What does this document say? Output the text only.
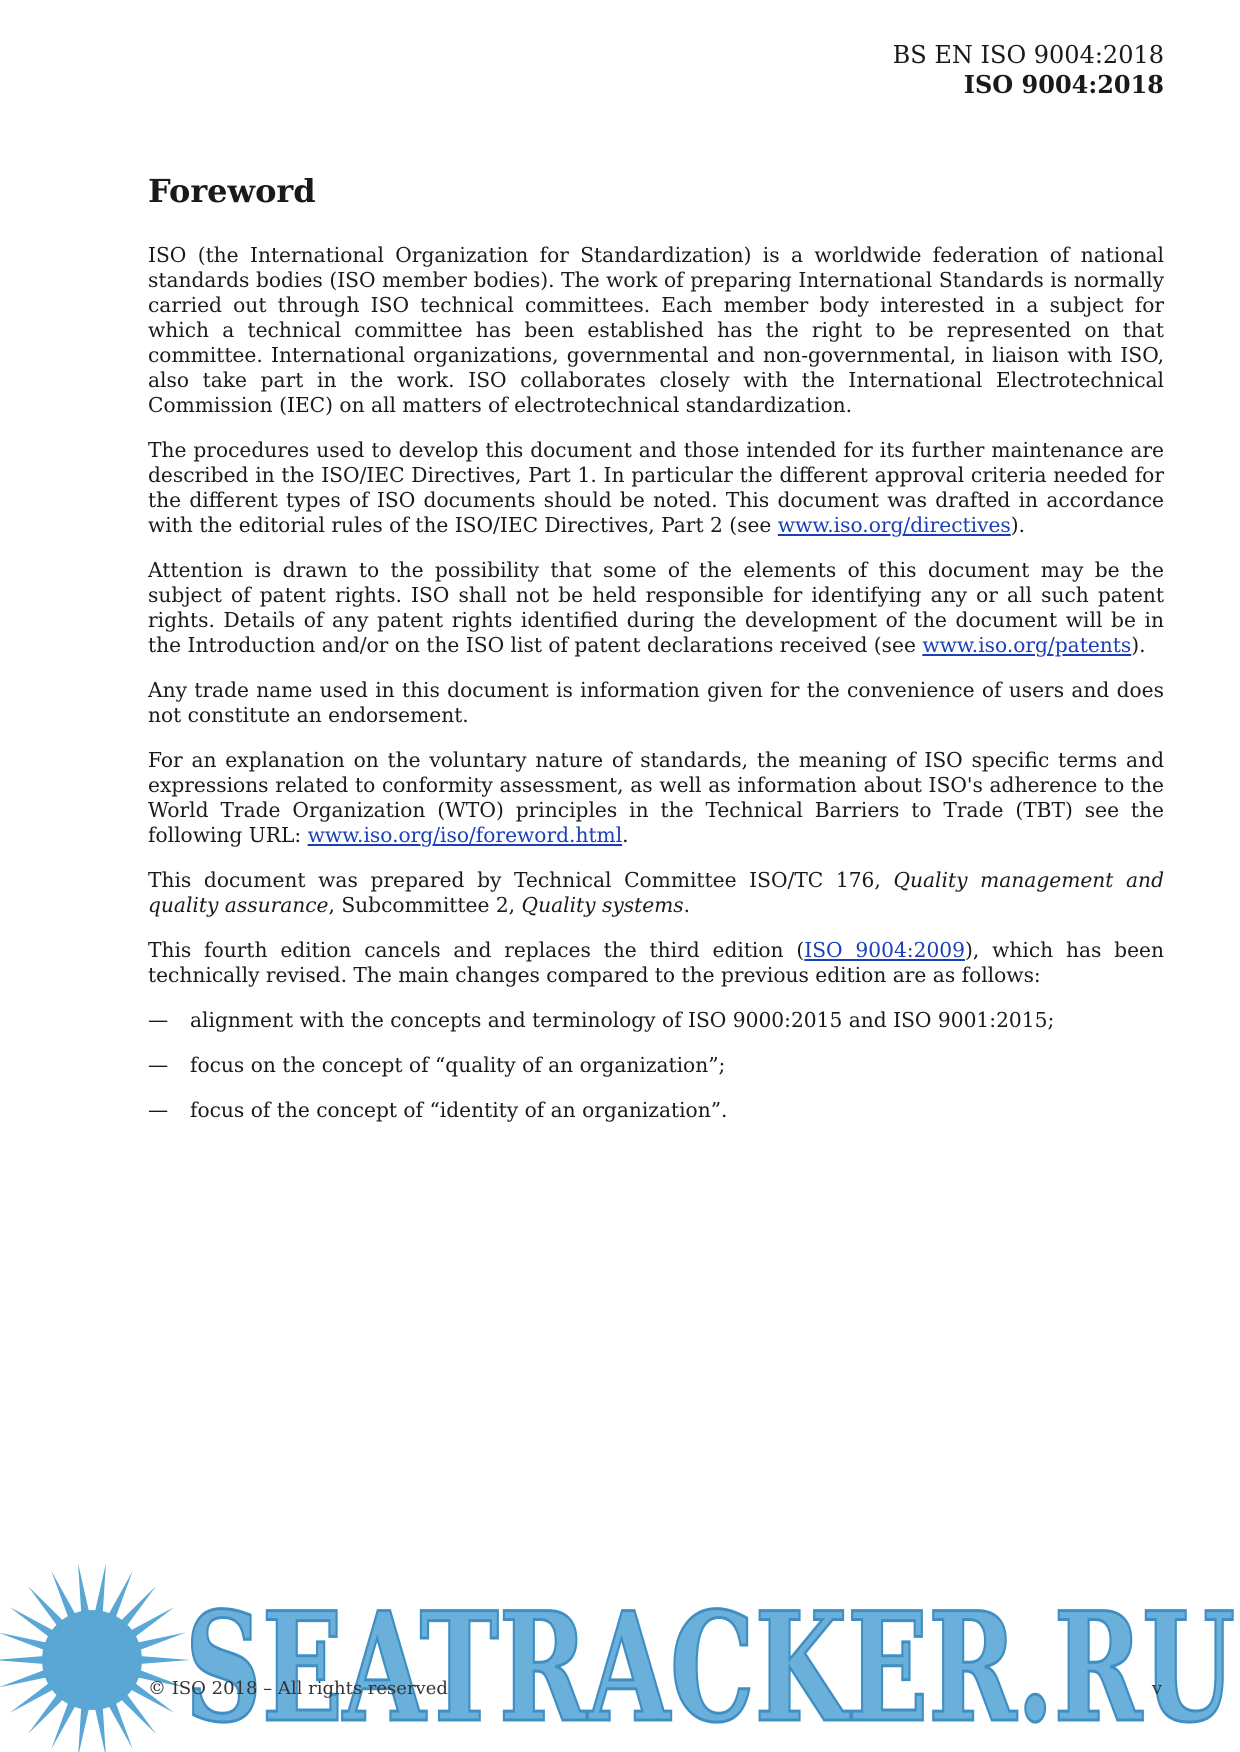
BS EN ISO 9004:2018
ISO 9004:2018
Foreword

ISO (the International Organization for Standardization) is a worldwide federation of national standards bodies (ISO member bodies). The work of preparing International Standards is normally carried out through ISO technical committees. Each member body interested in a subject for which a technical committee has been established has the right to be represented on that committee. International organizations, governmental and non-governmental, in liaison with ISO, also take part in the work. ISO collaborates closely with the International Electrotechnical Commission (IEC) on all matters of electrotechnical standardization.

The procedures used to develop this document and those intended for its further maintenance are described in the ISO/IEC Directives, Part 1. In particular the different approval criteria needed for the different types of ISO documents should be noted. This document was drafted in accordance with the editorial rules of the ISO/IEC Directives, Part 2 (see www.iso.org/directives).

Attention is drawn to the possibility that some of the elements of this document may be the subject of patent rights. ISO shall not be held responsible for identifying any or all such patent rights. Details of any patent rights identified during the development of the document will be in the Introduction and/or on the ISO list of patent declarations received (see www.iso.org/patents).

Any trade name used in this document is information given for the convenience of users and does not constitute an endorsement.

For an explanation on the voluntary nature of standards, the meaning of ISO specific terms and expressions related to conformity assessment, as well as information about ISO's adherence to the World Trade Organization (WTO) principles in the Technical Barriers to Trade (TBT) see the following URL: www.iso.org/iso/foreword.html.

This document was prepared by Technical Committee ISO/TC 176, Quality management and quality assurance, Subcommittee 2, Quality systems.

This fourth edition cancels and replaces the third edition (ISO 9004:2009), which has been technically revised. The main changes compared to the previous edition are as follows:

—	alignment with the concepts and terminology of ISO 9000:2015 and ISO 9001:2015;
—	focus on the concept of “quality of an organization”;
—	focus of the concept of “identity of an organization”.
SEATRACKER.RU
© ISO 2018 – All rights reserved	v
